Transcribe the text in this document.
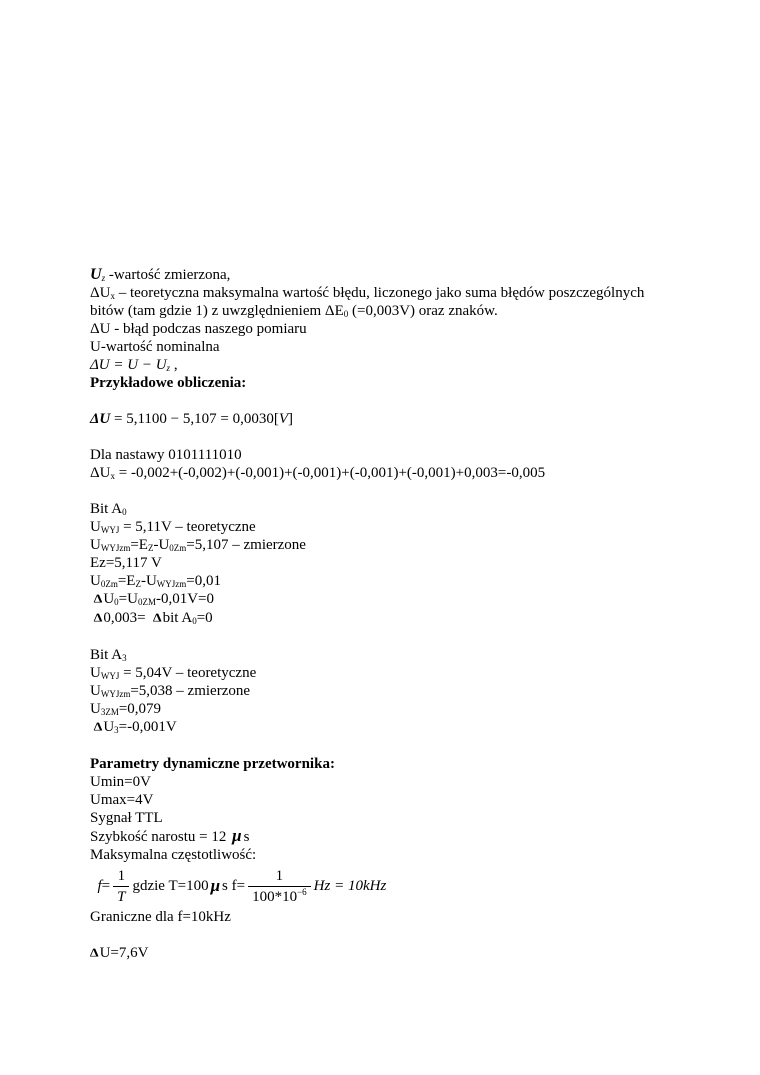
$U_z$ -wartość zmierzona,
$\Delta U_x$ – teoretyczna maksymalna wartość błędu, liczonego jako suma błędów poszczególnych
bitów (tam gdzie 1) z uwzględnieniem $\Delta E_0$ (=0,003V) oraz znaków.
ΔU - błąd podczas naszego pomiaru
U-wartość nominalna
$\Delta U = U - U_z$ ,
Przykładowe obliczenia:
ΔU = 5,1100 − 5,107 = 0,0030[V]
Dla nastawy 0101111010
$\Delta U_x = -0,002+(-0,002)+(-0,001)+(-0,001)+(-0,001)+(-0,001)+0,003=-0,005$
Bit $A_0$
$U_{WYJ} = 5,11V$ – teoretyczne
$U_{WYJzm}=E_Z-U_{0Zm}=5,107$ – zmierzone
Ez=5,117 V
$U_{0Zm}=E_Z-U_{WYJzm}=0,01$
$\Delta U_0=U_{0ZM}-0,01V=0$
∆0,003=  ∆bit $A_0=0$
Bit $A_3$
$U_{WYJ} = 5,04V$ – teoretyczne
$U_{WYJzm}=5,038$ – zmierzone
$U_{3ZM}=0,079$
$\Delta U_3=-0,001V$
Parametry dynamiczne przetwornika:
Umin=0V
Umax=4V
Sygnał TTL
Szybkość narostu = 12 μ s
Maksymalna częstotliwość:

$f = \frac{1}{T}$ gdzie T=100 μ s $f= \frac{1}{100*10^{-6}}$ Hz = 10kHz
Graniczne dla f=10kHz
∆U=7,6V
